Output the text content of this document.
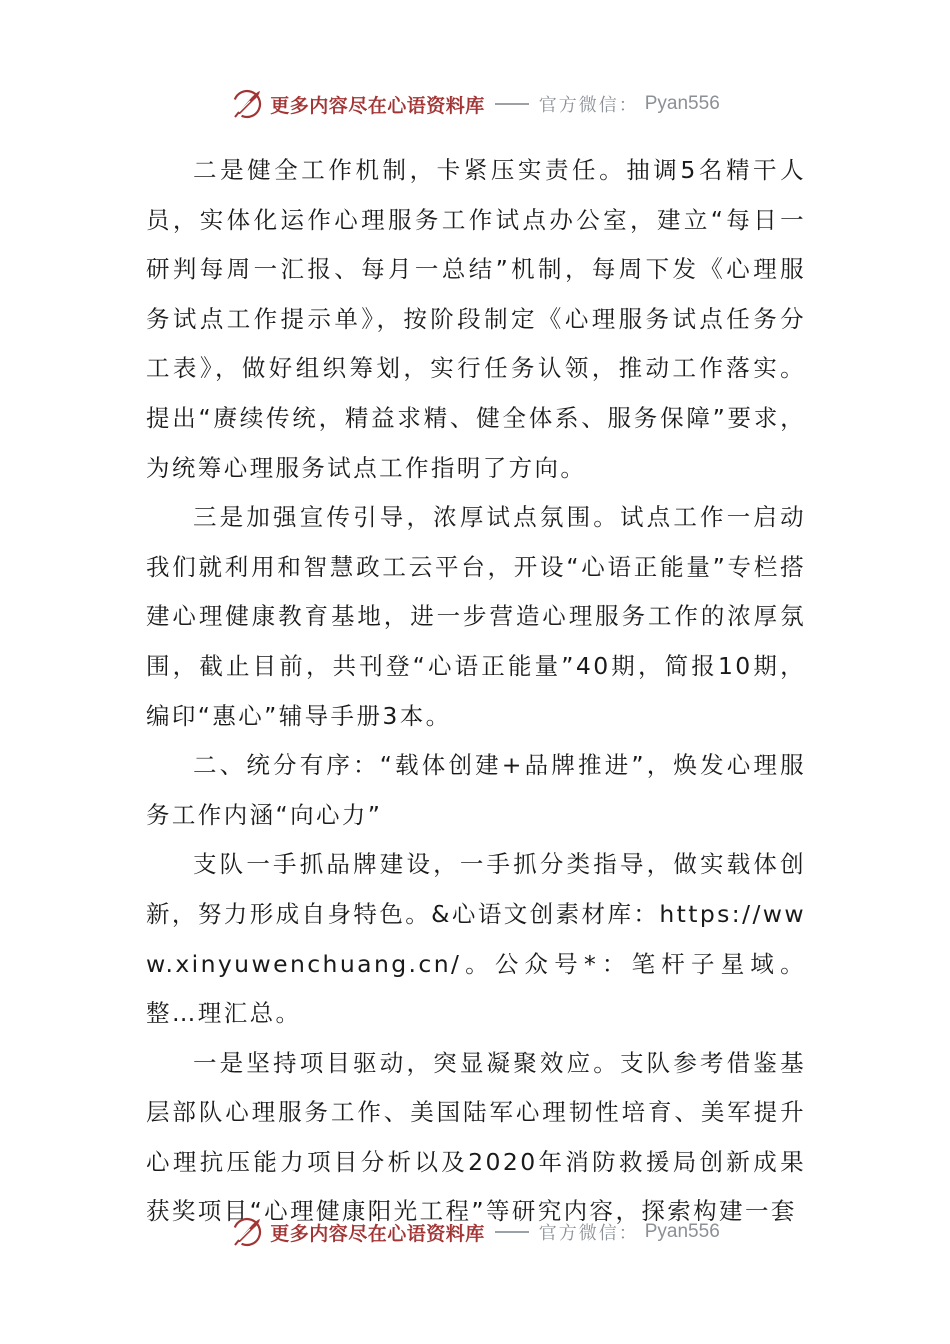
更多内容尽在心语资料库	官方微信： Pyan556

二是健全工作机制，卡紧压实责任。抽调5名精干人员，实体化运作心理服务工作试点办公室，建立“每日一研判每周一汇报、每月一总结”机制，每周下发《心理服务试点工作提示单》，按阶段制定《心理服务试点任务分工表》，做好组织筹划，实行任务认领，推动工作落实。提出“赓续传统，精益求精、健全体系、服务保障”要求，为统筹心理服务试点工作指明了方向。

三是加强宣传引导，浓厚试点氛围。试点工作一启动我们就利用和智慧政工云平台，开设“心语正能量”专栏搭建心理健康教育基地，进一步营造心理服务工作的浓厚氛围，截止目前，共刊登“心语正能量”40期，简报10期，编印“惠心”辅导手册3本。

二、统分有序：“载体创建+品牌推进”，焕发心理服务工作内涵“向心力”

支队一手抓品牌建设，一手抓分类指导，做实载体创新，努力形成自身特色。&心语文创素材库：https://www.xinyuwenchuang.cn/。公众号*：笔杆子星域。整…理汇总。

一是坚持项目驱动，突显凝聚效应。支队参考借鉴基层部队心理服务工作、美国陆军心理韧性培育、美军提升心理抗压能力项目分析以及2020年消防救援局创新成果获奖项目“心理健康阳光工程”等研究内容，探索构建一套

更多内容尽在心语资料库	官方微信： Pyan556
